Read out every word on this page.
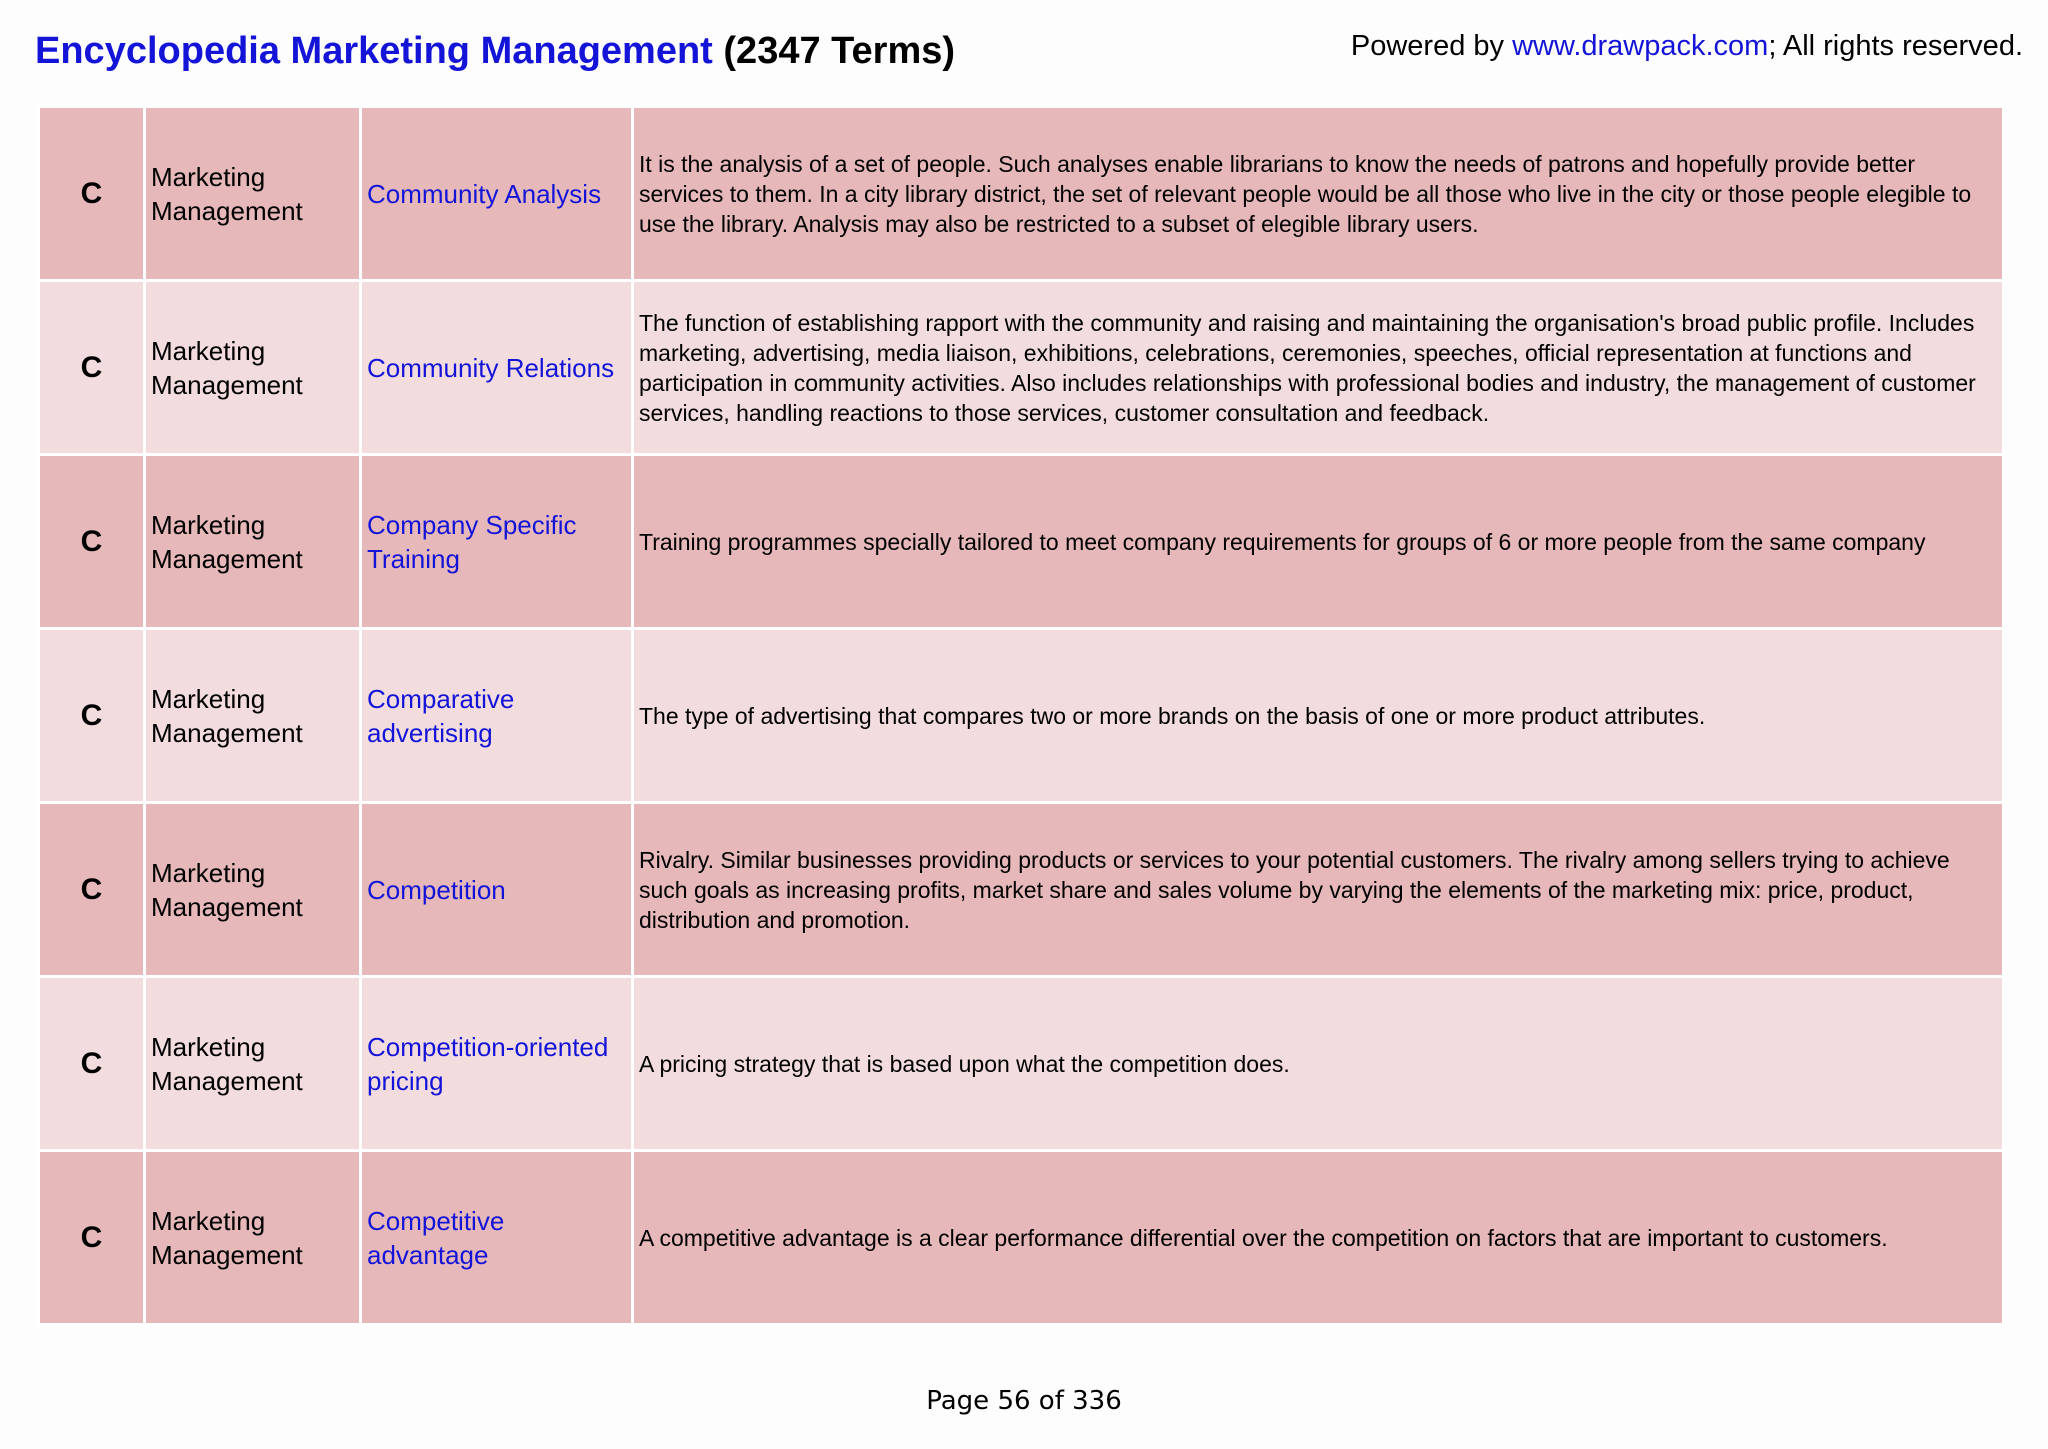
Encyclopedia Marketing Management (2347 Terms)	Powered by www.drawpack.com; All rights reserved.
C	Marketing Management	Community Analysis	It is the analysis of a set of people. Such analyses enable librarians to know the needs of patrons and hopefully provide better services to them. In a city library district, the set of relevant people would be all those who live in the city or those people elegible to use the library. Analysis may also be restricted to a subset of elegible library users.
C	Marketing Management	Community Relations	The function of establishing rapport with the community and raising and maintaining the organisation's broad public profile. Includes marketing, advertising, media liaison, exhibitions, celebrations, ceremonies, speeches, official representation at functions and participation in community activities. Also includes relationships with professional bodies and industry, the management of customer services, handling reactions to those services, customer consultation and feedback.
C	Marketing Management	Company Specific Training	Training programmes specially tailored to meet company requirements for groups of 6 or more people from the same company
C	Marketing Management	Comparative advertising	The type of advertising that compares two or more brands on the basis of one or more product attributes.
C	Marketing Management	Competition	Rivalry. Similar businesses providing products or services to your potential customers. The rivalry among sellers trying to achieve such goals as increasing profits, market share and sales volume by varying the elements of the marketing mix: price, product, distribution and promotion.
C	Marketing Management	Competition-oriented pricing	A pricing strategy that is based upon what the competition does.
C	Marketing Management	Competitive advantage	A competitive advantage is a clear performance differential over the competition on factors that are important to customers.
Page 56 of 336
